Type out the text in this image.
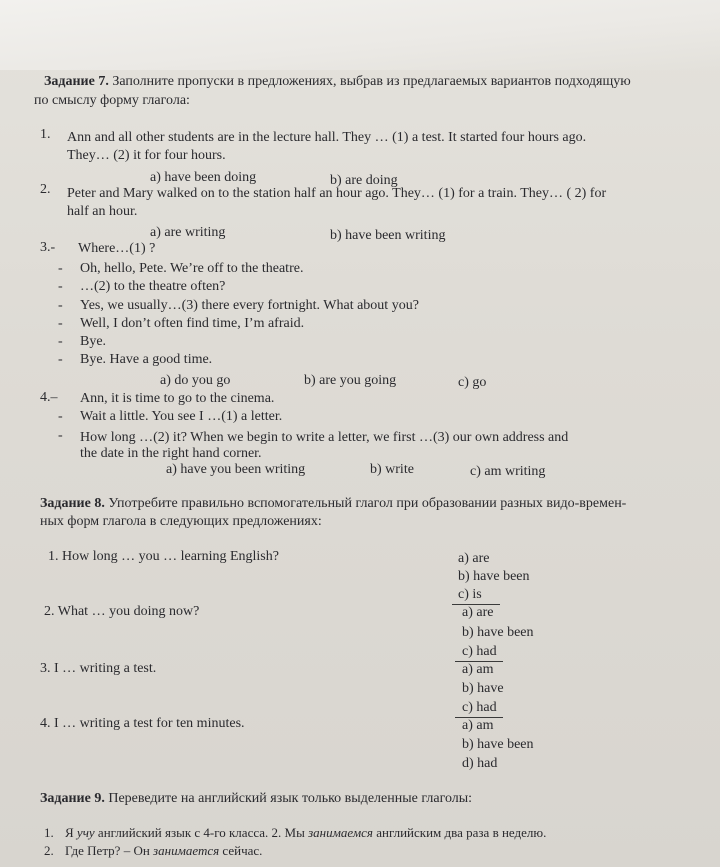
Задание 7. Заполните пропуски в предложениях, выбрав из предлагаемых вариантов подходящую
по смыслу форму глагола:
1. Ann and all other students are in the lecture hall. They … (1) a test. It started four hours ago.
They… (2) it for four hours.
a) have been doing	b) are doing
2. Peter and Mary walked on to the station half an hour ago. They… (1) for a train. They… ( 2) for
half an hour.
a) are writing	b) have been writing
3.- Where…(1) ?
- Oh, hello, Pete. We’re off to the theatre.
- …(2) to the theatre often?
- Yes, we usually…(3) there every fortnight. What about you?
- Well, I don’t often find time, I’m afraid.
- Bye.
- Bye. Have a good time.
a) do you go	b) are you going	c) go
4.– Ann, it is time to go to the cinema.
- Wait a little. You see I …(1) a letter.
- How long …(2) it? When we begin to write a letter, we first …(3) our own address and
the date in the right hand corner.
a) have you been writing	b) write	c) am writing
Задание 8. Употребите правильно вспомогательный глагол при образовании разных видо-времен-
ных форм глагола в следующих предложениях:
1. How long … you … learning English?	a) are
b) have been
c) is
2. What … you doing now?	a) are
b) have been
c) had
3. I … writing a test.	a) am
b) have
c) had
4. I … writing a test for ten minutes.	a) am
b) have been
d) had
Задание 9. Переведите на английский язык только выделенные глаголы:
1. Я учу английский язык с 4-го класса. 2. Мы занимаемся английским два раза в неделю.
2. Где Петр? – Он занимается сейчас.
